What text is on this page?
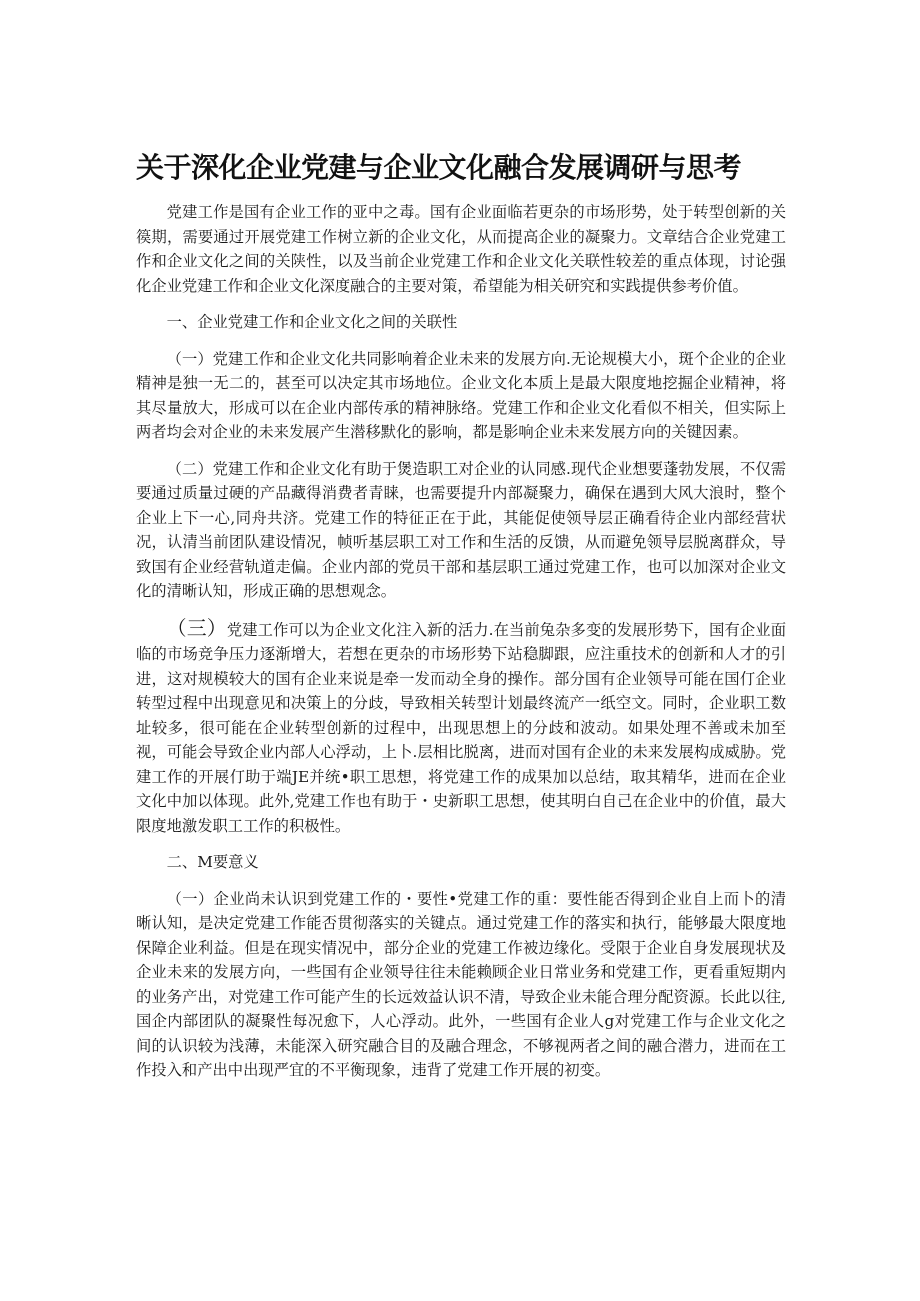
关于深化企业党建与企业文化融合发展调研与思考

党建工作是国有企业工作的亚中之毒。国有企业面临若更杂的市场形势，处于转型创新的关篌期，需要通过开展党建工作树立新的企业文化，从而提高企业的凝聚力。文章结合企业党建工作和企业文化之间的关陕性，以及当前企业党建工作和企业文化关联性较差的重点体现，讨论强化企业党建工作和企业文化深度融合的主要对策，希望能为相关研究和实践提供参考价值。

一、企业党建工作和企业文化之间的关联性

（一）党建工作和企业文化共同影响着企业未来的发展方向.无论规模大小，斑个企业的企业精神是独一无二的，甚至可以决定其市场地位。企业文化本质上是最大限度地挖掘企业精神，将其尽量放大，形成可以在企业内部传承的精神脉络。党建工作和企业文化看似不相关，但实际上两者均会对企业的未来发展产生潜移默化的影响，都是影响企业未来发展方向的关键因素。

（二）党建工作和企业文化有助于煲造职工对企业的认同感.现代企业想要蓬勃发展，不仅需要通过质量过硬的产品藏得消费者青睐，也需要提升内部凝聚力，确保在遇到大风大浪时，整个企业上下一心,同舟共济。党建工作的特征正在于此，其能促使领导层正确看待企业内部经营状况，认清当前团队建设情况，帧听基层职工对工作和生活的反馈，从而避免领导层脱离群众，导致国有企业经营轨道走偏。企业内部的党员干部和基层职工通过党建工作，也可以加深对企业文化的清晰认知，形成正确的思想观念。

（三）党建工作可以为企业文化注入新的活力.在当前兔杂多变的发展形势下，国有企业面临的市场竞争压力逐渐增大，若想在更杂的市场形势下站稳脚跟，应注重技术的创新和人才的引进，这对规模较大的国有企业来说是牵一发而动全身的操作。部分国有企业领导可能在国仃企业转型过程中出现意见和决策上的分歧，导致相关转型计划最终流产一纸空文。同时，企业职工数址较多，很可能在企业转型创新的过程中，出现思想上的分歧和波动。如果处理不善或未加至视，可能会导致企业内部人心浮动，上卜.层相比脱离，进而对国有企业的未来发展构成威胁。党建工作的开展仃助于端JE并统•职工思想，将党建工作的成果加以总结，取其精华，进而在企业文化中加以体现。此外,党建工作也有助于・史新职工思想，使其明白自己在企业中的价值，最大限度地激发职工工作的积极性。

二、M要意义

（一）企业尚未认识到党建工作的・要性•党建工作的重：要性能否得到企业自上而卜的清晰认知，是决定党建工作能否贯彻落实的关键点。通过党建工作的落实和执行，能够最大限度地保障企业利益。但是在现实情况中，部分企业的党建工作被边缘化。受限于企业自身发展现状及企业未来的发展方向，一些国有企业领导往往未能赖顾企业日常业务和党建工作，更看重短期内的业务产出，对党建工作可能产生的长远效益认识不清，导致企业未能合理分配资源。长此以往,国企内部团队的凝聚性每况愈下，人心浮动。此外，一些国有企业人g对党建工作与企业文化之间的认识较为浅薄，未能深入研究融合目的及融合理念，不够视两者之间的融合潜力，进而在工作投入和产出中出现严宜的不平衡现象，违背了党建工作开展的初变。
